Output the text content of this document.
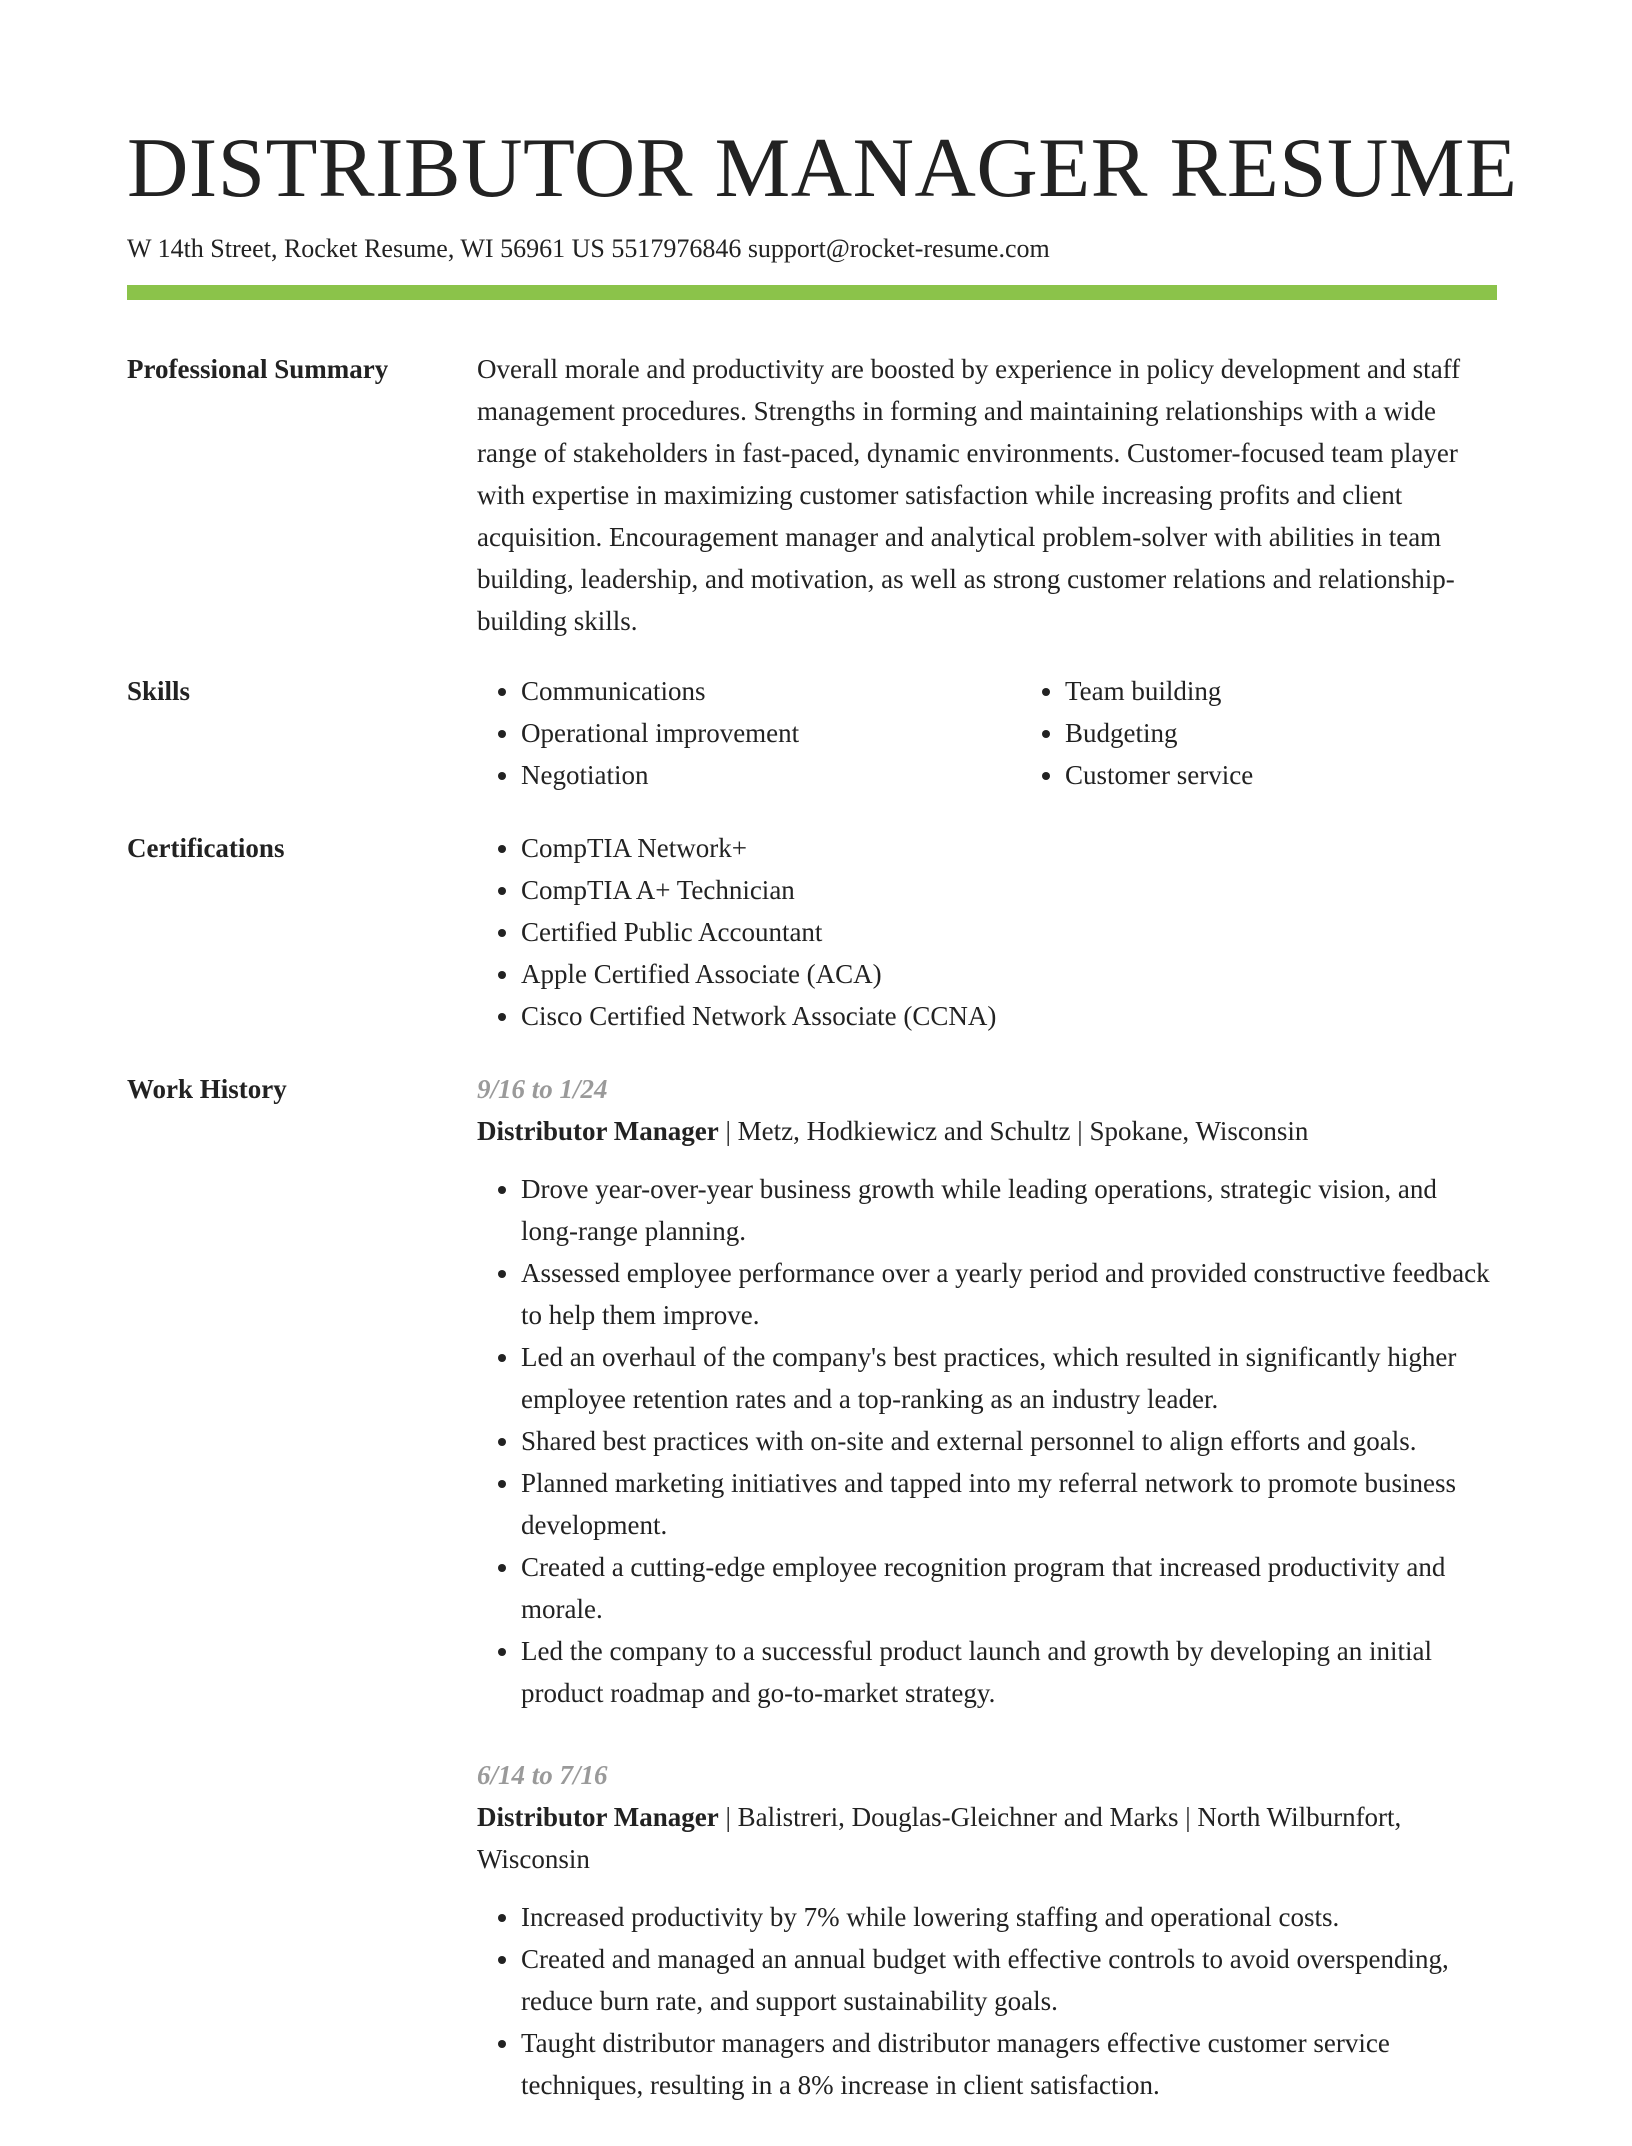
DISTRIBUTOR MANAGER RESUME
W 14th Street, Rocket Resume, WI 56961 US 5517976846 support@rocket-resume.com
Professional Summary	Overall morale and productivity are boosted by experience in policy development and staff management procedures. Strengths in forming and maintaining relationships with a wide range of stakeholders in fast-paced, dynamic environments. Customer-focused team player with expertise in maximizing customer satisfaction while increasing profits and client acquisition. Encouragement manager and analytical problem-solver with abilities in team building, leadership, and motivation, as well as strong customer relations and relationship-building skills.

Skills	• Communications
• Operational improvement
• Negotiation
• Team building
• Budgeting
• Customer service
Certifications	• CompTIA Network+
• CompTIA A+ Technician
• Certified Public Accountant
• Apple Certified Associate (ACA)
• Cisco Certified Network Associate (CCNA)
Work History	9/16 to 1/24
Distributor Manager | Metz, Hodkiewicz and Schultz | Spokane, Wisconsin
• Drove year-over-year business growth while leading operations, strategic vision, and long-range planning.
• Assessed employee performance over a yearly period and provided constructive feedback to help them improve.
• Led an overhaul of the company's best practices, which resulted in significantly higher employee retention rates and a top-ranking as an industry leader.
• Shared best practices with on-site and external personnel to align efforts and goals.
• Planned marketing initiatives and tapped into my referral network to promote business development.
• Created a cutting-edge employee recognition program that increased productivity and morale.
• Led the company to a successful product launch and growth by developing an initial product roadmap and go-to-market strategy.
6/14 to 7/16
Distributor Manager | Balistreri, Douglas-Gleichner and Marks | North Wilburnfort, Wisconsin
• Increased productivity by 7% while lowering staffing and operational costs.
• Created and managed an annual budget with effective controls to avoid overspending, reduce burn rate, and support sustainability goals.
• Taught distributor managers and distributor managers effective customer service techniques, resulting in a 8% increase in client satisfaction.
